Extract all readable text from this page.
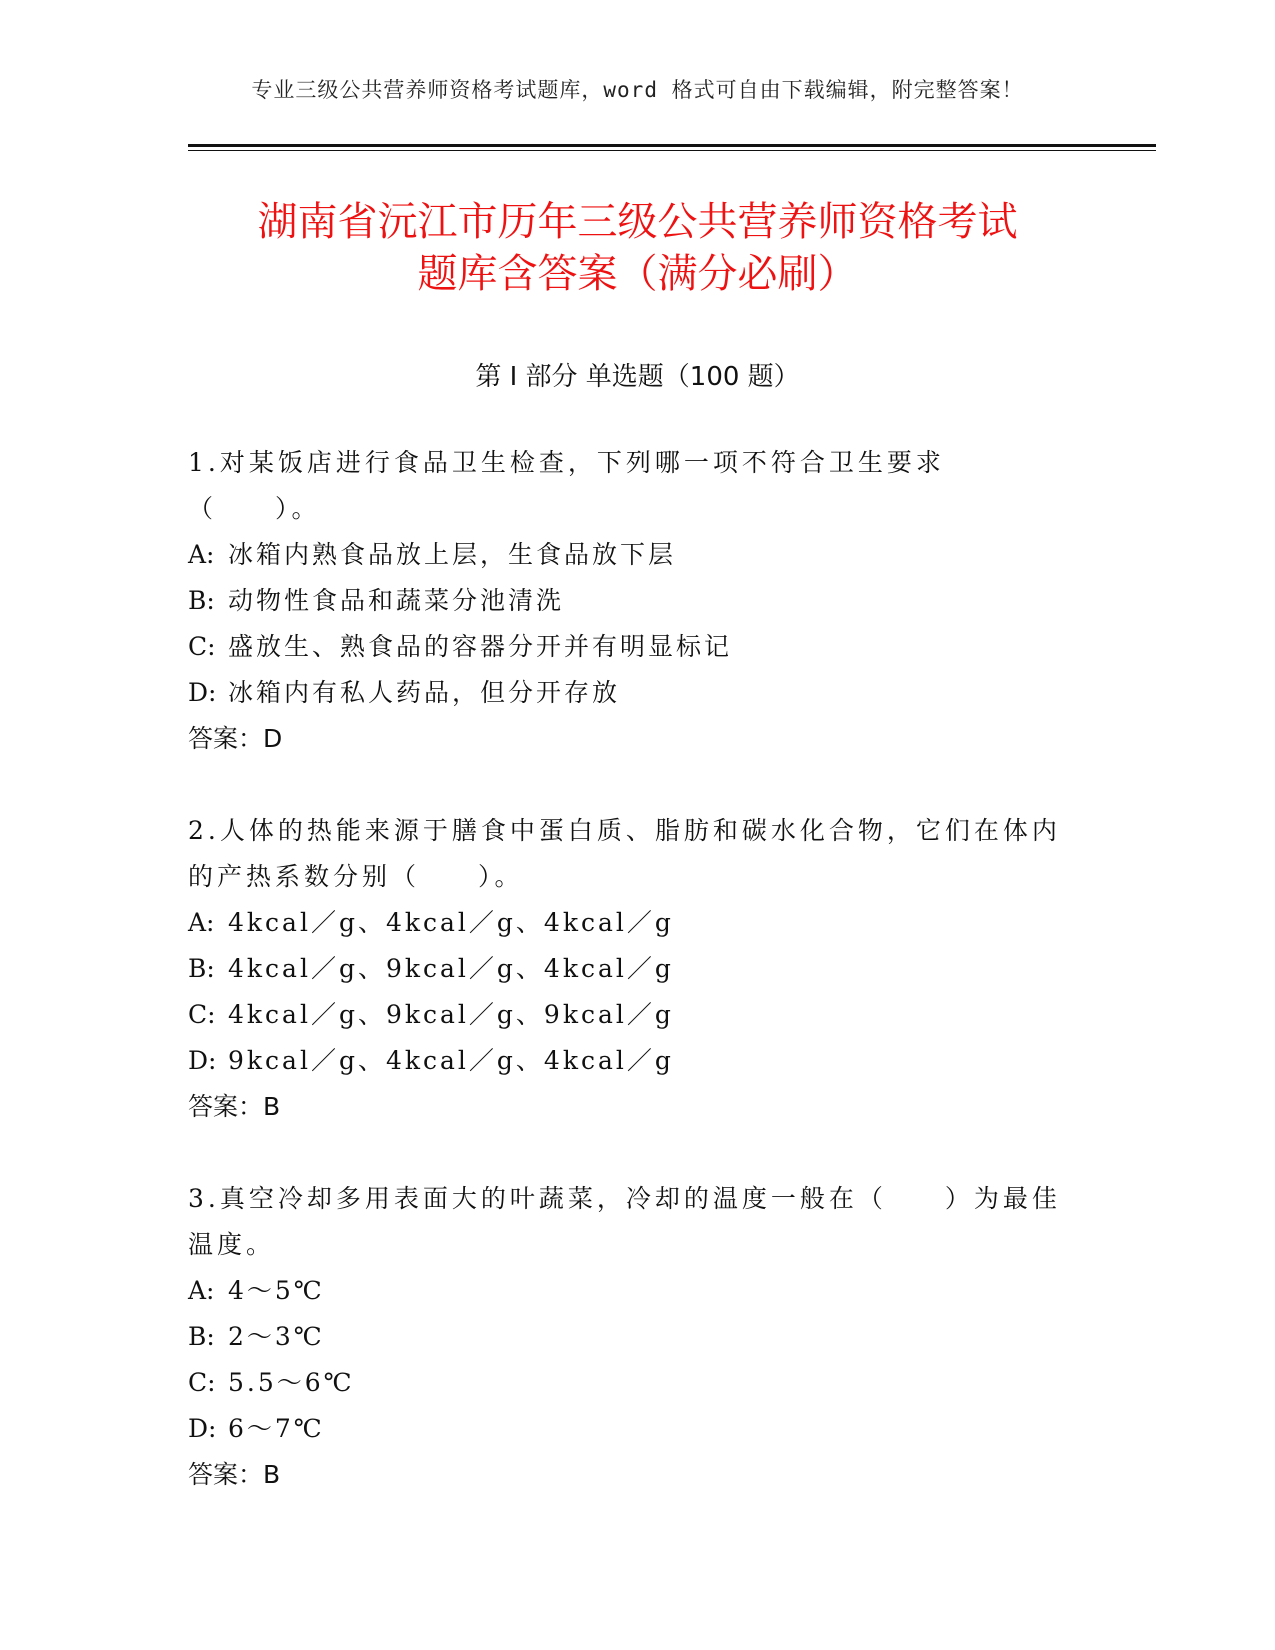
专业三级公共营养师资格考试题库，word 格式可自由下载编辑，附完整答案！
湖南省沅江市历年三级公共营养师资格考试
题库含答案（满分必刷）
第 I 部分 单选题（100 题）

1.对某饭店进行食品卫生检查，下列哪一项不符合卫生要求（　　）。

A: 冰箱内熟食品放上层，生食品放下层

B: 动物性食品和蔬菜分池清洗

C: 盛放生、熟食品的容器分开并有明显标记

D: 冰箱内有私人药品，但分开存放

答案：D

2.人体的热能来源于膳食中蛋白质、脂肪和碳水化合物，它们在体内的产热系数分别（　　）。

A: 4kcal／g、4kcal／g、4kcal／g

B: 4kcal／g、9kcal／g、4kcal／g

C: 4kcal／g、9kcal／g、9kcal／g

D: 9kcal／g、4kcal／g、4kcal／g

答案：B

3.真空冷却多用表面大的叶蔬菜，冷却的温度一般在（　　）为最佳温度。

A: 4～5℃

B: 2～3℃

C: 5.5～6℃

D: 6～7℃

答案：B
